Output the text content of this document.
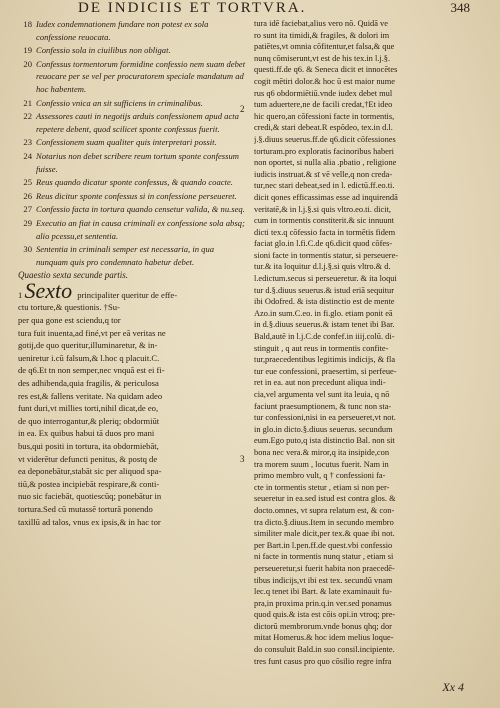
DE INDICIIS ET TORTVRA.	348
18 Iudex condemnationem fundare non potest ex sola confessione reuocata.
19 Confessio sola in ciuilibus non obligat.
20 Confessus tormentorum formidine confessio nem suam debet reuocare per se vel per procuratorem speciale mandatum ad hoc habentem.
21 Confessio vnica an sit sufficiens in criminalibus.
22 Assessores cauti in negotijs arduis confessionem apud acta repetere debent, quod scilicet sponte confessus fuerit.
23 Confessionem suam qualiter quis interpretari possit.
24 Notarius non debet scribere reum tortum sponte confessum fuisse.
25 Reus quando dicatur sponte confessus, & quando coacte.
26 Reus dicitur sponte confessus si in confessione perseueret.
27 Confessio facta in tortura quando censetur valida, & nu.seq.
29 Executio an fiat in causa criminali ex confessione sola absq; alio pcessu,et sententia.
30 Sententia in criminali semper est necessaria, in qua nunquam quis pro condemnato habetur debet.

Quaestio sexta secunde partis.

1 Sexto principaliter queritur de effe-
ctu torture,& questionis. †Su-
per qua gone est sciendu,q tor
tura fuit inuenta,ad finé,vt per eā veritas ne
gotij,de quo queritur,illuminaretur, & in-
ueniretur i.cū falsum,& l.hoc q placuit.C.
de q6.Et tn non semper,nec vnquā est ei fi-
des adhibenda,quia fragilis, & periculosa
res est,& fallens veritate. Na quidam adeo
funt duri,vt millies torti,nihil dicat,de eo,
de quo interrogantur,& pleriq; obdormiūt
in ea. Ex quibus habui tā duos pro mani
bus,qui positi in tortura, ita obdormiebāt,
vt viderētur defuncti penitus, & postq de
ea deponebātur,stabāt sic per aliquod spa-
tiū,& postea incipiebāt respirare,& conti-
nuo sic faciebāt, quotiescūq; ponebātur in
tortura.Sed cū mutassē torturā ponendo
taxillū ad talos, vnus ex ipsis,& in hac tor
tura idē faciebat,alius vero nō. Quidā ve
ro sunt ita timidi,& fragiles, & dolori im
patiētes,vt omnia cōfitentur,et falsa,& que
nunq cōmiserunt,vt est de his tex.in l.j.§.
questi.ff.de q6. & Seneca dicit et innocētes
cogit mētiri dolor.& hoc ū est maior nume
rus q6 obdormiētiū.vnde iudex debet mul
tum aduertere,ne de facili credat,†Et ideo
hic quero,an cōfessioni facte in tormentis,
credi,& stari debeat.R espōdeo, tex.in d.l.
j.§.diuus seuerus.ff.de q6.dicit cōfessiones
torturam.pro exploratis facinoribus haberi
non oportet, si nulla alia .pbatio , religione
iudicis instruat.& sī vē velle,q non creda-
tur,nec stari debeat,sed in l. edictū.ff.eo.ti.
dicit qones efficassimas esse ad inquirendā
veritatē,& in l.j.§.si quis vltro.eo.ti. dicit,
cum in tormentis constiterit.& sic innuunt
dicti tex.q cōfessio facta in tormētis fidem
faciat glo.in l.fi.C.de q6.dicit quod cōfes-
sioni facte in tormentis statur, si perseuere-
tur.& ita loquitur d.l.j.§.si quis vltro.& d.
l.edictum.secus si perseueretur. & ita loqui
tur d.§.diuus seuerus.& istud eriā sequitur
ibi Odofred. & ista distinctio est de mente
Azo.in sum.C.eo. in fi.glo. etiam ponit eā
in d.§.diuus seuerus.& istam tenet ibi Bar.
Bald,autē in l.j.C.de confef.in iiij.colū. di-
stinguit , q aut reus in tormentis confite-
tur,praecedentibus legitimis indicijs, & fla
tur eue confessioni, praesertim, si perfeue-
ret in ea. aut non precedunt aliqua indi-
cia,vel argumenta vel sunt ita leuia, q nō
faciunt praesumptionem, & tunc non sta-
tur confessioni,nisi in ea perseueret,vt not.
in glo.in dicto.§.diuus seuerus. secundum
eum.Ego puto,q ista distinctio Bal. non sit
bona nec vera.& miror,q ita insipide,con
tra morem suum , locutus fuerit. Nam in
primo membro vult, q † confessioni fa-
cte in tormentis stetur , etiam si non per-
seueretur in ea.sed istud est contra glos. &
docto.omnes, vt supra relatum est, & con-
tra dicto.§.diuus.Item in secundo membro
similiter male dicit,per tex.& quae ibi not.
per Bart.in l.pen.ff.de quest.vbi confessio
ni facte in tormentis nunq statur , etiam si
perseueretur,si fuerit habita non praecedē-
tibus indicijs,vt ibi est tex. secundū vnam
lec.q tenet ibi Bart. & late examinauit fu-
pra,in proxima prin.q.in ver.sed ponamus
quod quis.& ista est cōis opi.in vtroq; pre-
dictorū membrorum.vnde bonus qhq; dor
mitat Homerus.& hoc idem melius loque-
do consuluit Bald.in suo consil.incipiente.
tres funt casus pro quo cōsilio regre infra
2
3
Xx 4
